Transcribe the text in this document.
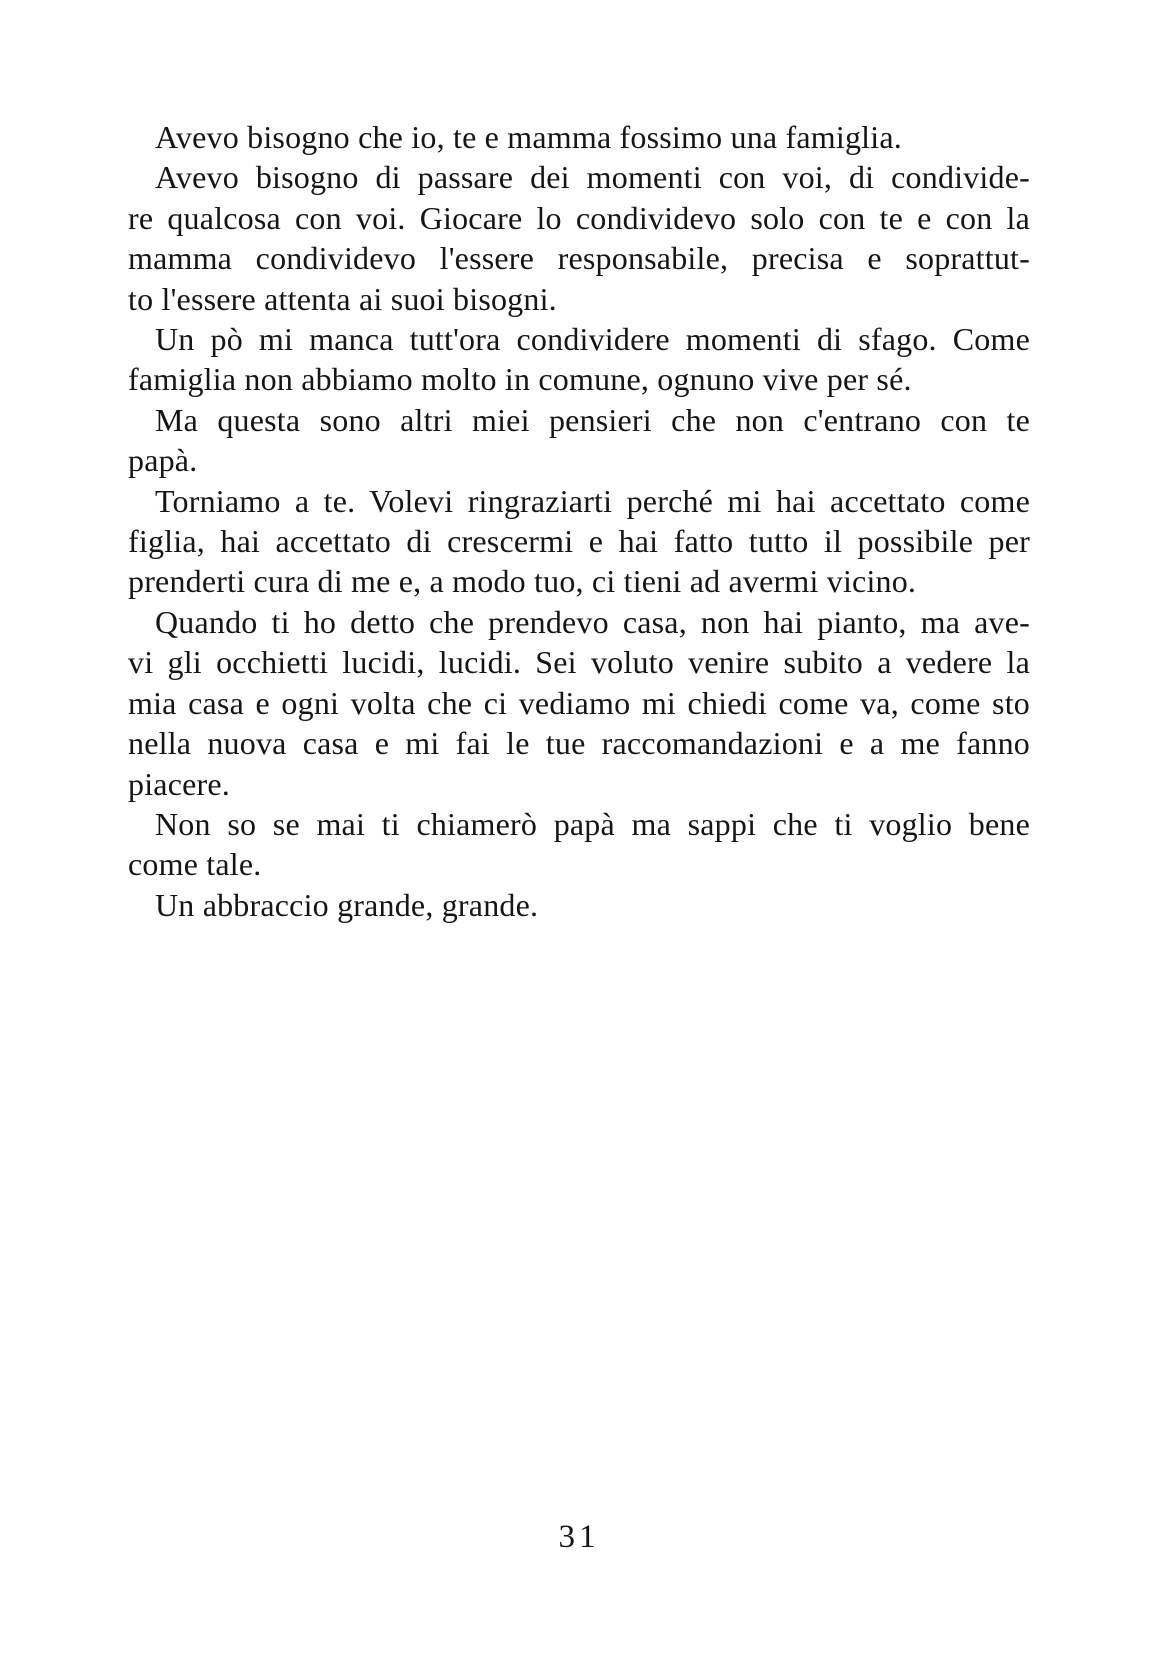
Avevo bisogno che io, te e mamma fossimo una famiglia.
Avevo bisogno di passare dei momenti con voi, di condivide-
re qualcosa con voi. Giocare lo condividevo solo con te e con la
mamma condividevo l'essere responsabile, precisa e soprattut-
to l'essere attenta ai suoi bisogni.
Un pò mi manca tutt'ora condividere momenti di sfago. Come
famiglia non abbiamo molto in comune, ognuno vive per sé.
Ma questa sono altri miei pensieri che non c'entrano con te
papà.
Torniamo a te. Volevi ringraziarti perché mi hai accettato come
figlia, hai accettato di crescermi e hai fatto tutto il possibile per
prenderti cura di me e, a modo tuo, ci tieni ad avermi vicino.
Quando ti ho detto che prendevo casa, non hai pianto, ma ave-
vi gli occhietti lucidi, lucidi. Sei voluto venire subito a vedere la
mia casa e ogni volta che ci vediamo mi chiedi come va, come sto
nella nuova casa e mi fai le tue raccomandazioni e a me fanno
piacere.
Non so se mai ti chiamerò papà ma sappi che ti voglio bene
come tale.
Un abbraccio grande, grande.
31
